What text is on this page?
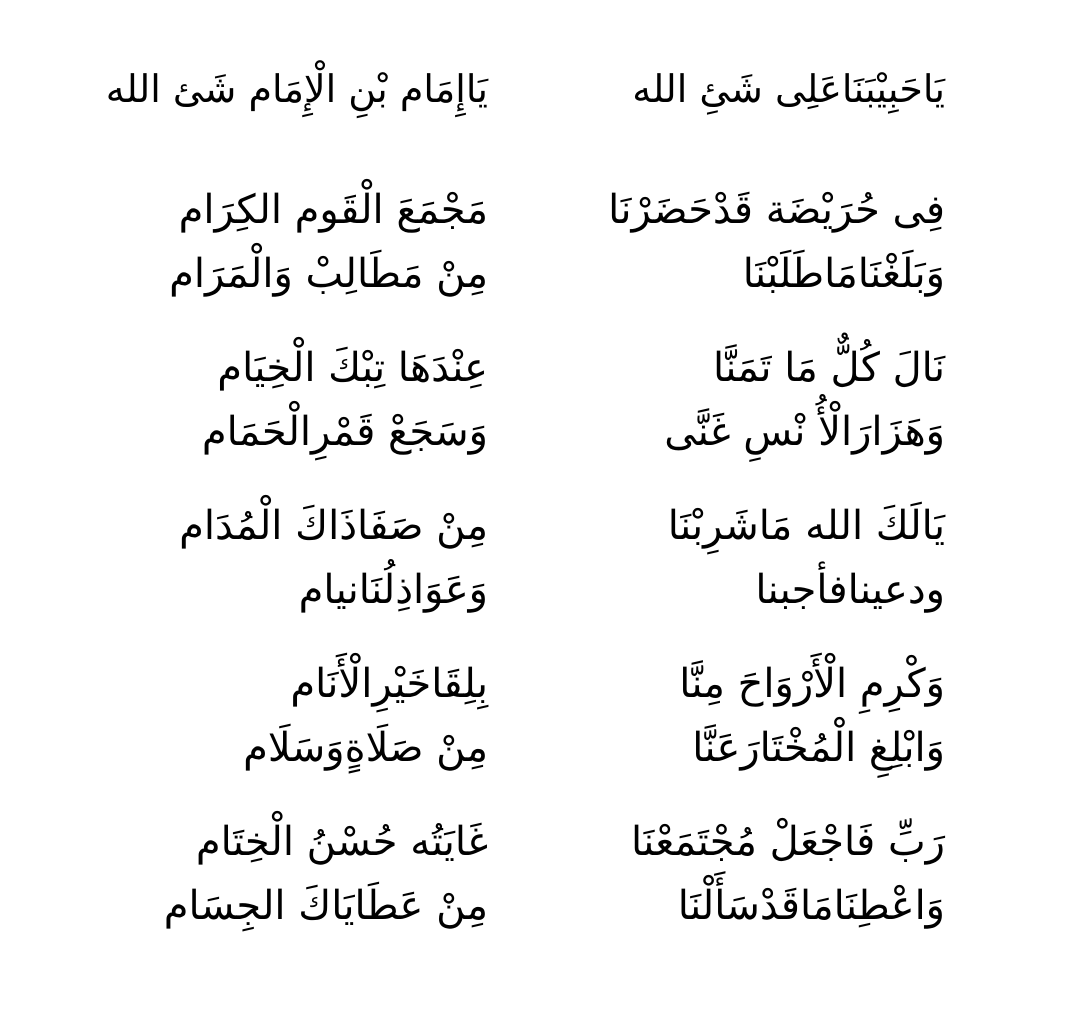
يَاحَبِيْبَنَاعَلِى شَئِ الله
يَاإِمَام بْنِ الْإِمَام شَئ الله
فِى حُرَيْضَة قَدْحَضَرْنَا
وَبَلَغْنَامَاطَلَبْنَا
مَجْمَعَ الْقَوم الكِرَام
مِنْ مَطَالِبْ وَالْمَرَام
نَالَ كُلٌّ مَا تَمَنَّا
وَهَزَارَالْأُ نْسِ غَنَّى
عِنْدَهَا تِبْكَ الْخِيَام
وَسَجَعْ قَمْرِالْحَمَام
يَالَكَ الله مَاشَرِبْنَا
ودعينافأجبنا
مِنْ صَفَاذَاكَ الْمُدَام
وَعَوَاذِلُنَانيام
وَكْرِمِ الْأَرْوَاحَ مِنَّا
وَابْلِغِ الْمُخْتَارَعَنَّا
بِلِقَاخَيْرِالْأَنَام
مِنْ صَلَاةٍوَسَلَام
رَبِّ فَاجْعَلْ مُجْتَمَعْنَا
وَاعْطِنَامَاقَدْسَأَلْنَا
غَايَتُه حُسْنُ الْخِتَام
مِنْ عَطَايَاكَ الجِسَام
